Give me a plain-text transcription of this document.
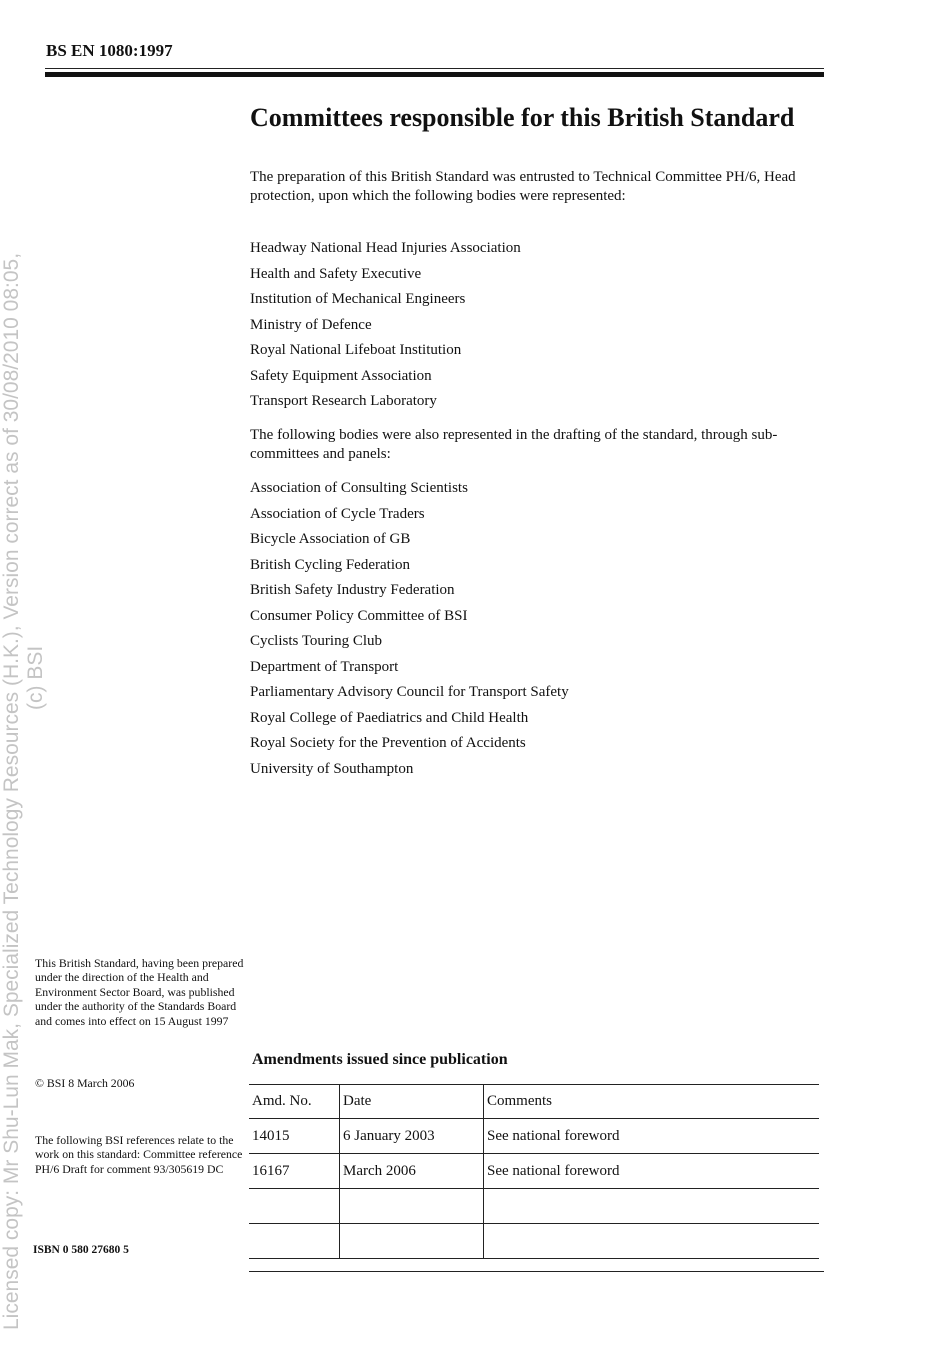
Licensed copy: Mr Shu-Lun Mak, Specialized Technology Resources (H.K.), Version correct as of 30/08/2010 08:05, (c) BSI
BS EN 1080:1997
Committees responsible for this British Standard

The preparation of this British Standard was entrusted to Technical Committee PH/6, Head protection, upon which the following bodies were represented:

Headway National Head Injuries Association
Health and Safety Executive
Institution of Mechanical Engineers
Ministry of Defence
Royal National Lifeboat Institution
Safety Equipment Association
Transport Research Laboratory

The following bodies were also represented in the drafting of the standard, through sub-committees and panels:

Association of Consulting Scientists
Association of Cycle Traders
Bicycle Association of GB
British Cycling Federation
British Safety Industry Federation
Consumer Policy Committee of BSI
Cyclists Touring Club
Department of Transport
Parliamentary Advisory Council for Transport Safety
Royal College of Paediatrics and Child Health
Royal Society for the Prevention of Accidents
University of Southampton

This British Standard, having been prepared under the direction of the Health and Environment Sector Board, was published under the authority of the Standards Board and comes into effect on 15 August 1997

© BSI 8 March 2006

The following BSI references relate to the work on this standard: Committee reference PH/6 Draft for comment 93/305619 DC

ISBN 0 580 27680 5
Amendments issued since publication
Amd. No.	Date	Comments
14015	6 January 2003	See national foreword
16167	March 2006	See national foreword
